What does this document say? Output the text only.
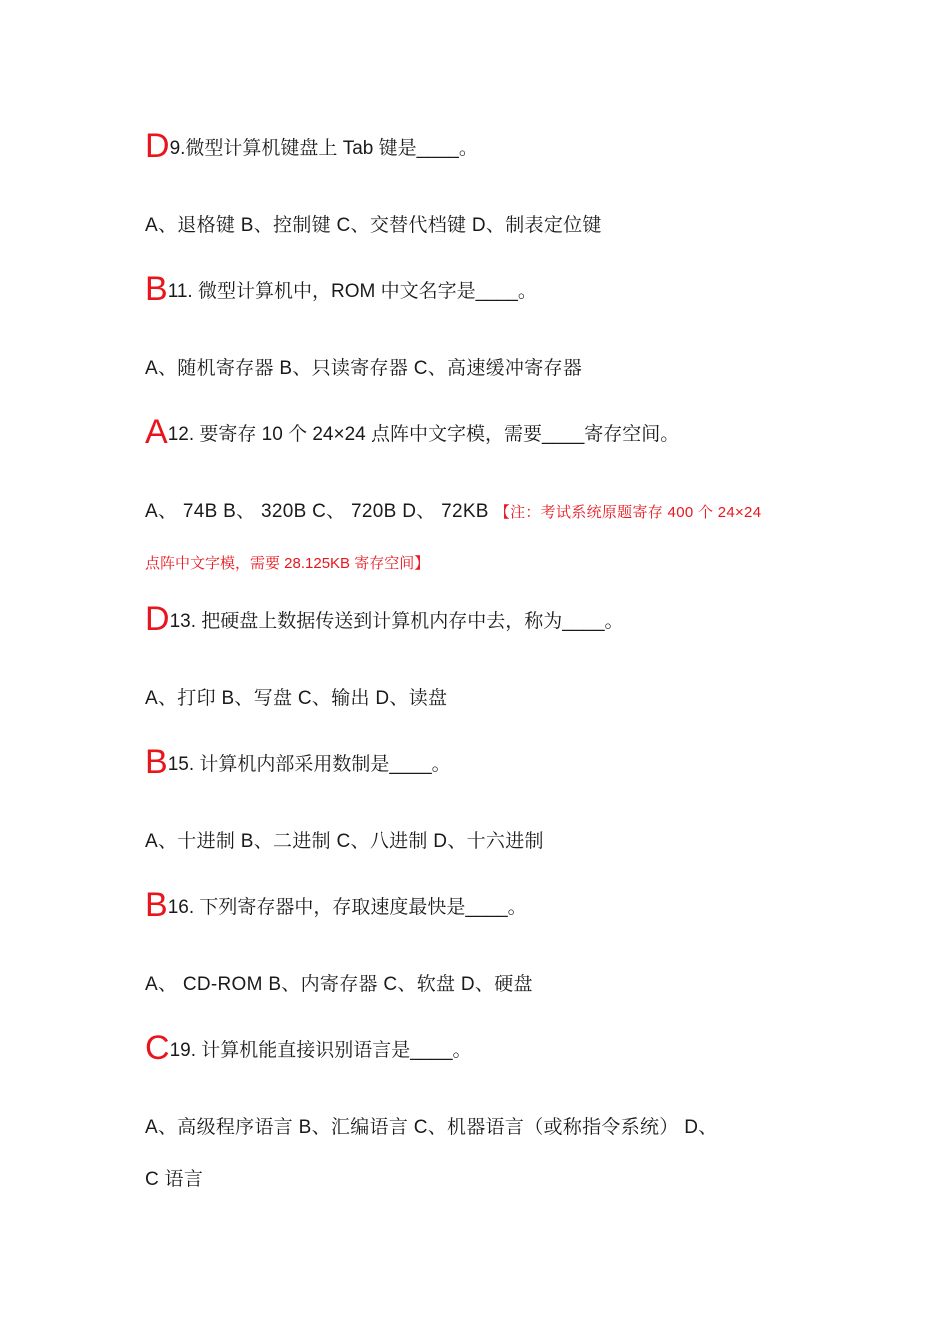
D9.微型计算机键盘上 Tab 键是____。
A、退格键 B、控制键 C、交替代档键 D、制表定位键
B11. 微型计算机中，ROM 中文名字是____。
A、随机寄存器 B、只读寄存器 C、高速缓冲寄存器
A12. 要寄存 10 个 24×24 点阵中文字模，需要____寄存空间。
A、 74B B、 320B C、 720B D、 72KB 【注：考试系统原题寄存 400 个 24×24
点阵中文字模，需要 28.125KB 寄存空间】
D13. 把硬盘上数据传送到计算机内存中去，称为____。
A、打印 B、写盘 C、输出 D、读盘
B15. 计算机内部采用数制是____。
A、十进制 B、二进制 C、八进制 D、十六进制
B16. 下列寄存器中，存取速度最快是____。
A、 CD-ROM B、内寄存器 C、软盘 D、硬盘
C19. 计算机能直接识别语言是____。
A、高级程序语言 B、汇编语言 C、机器语言（或称指令系统） D、
C 语言
